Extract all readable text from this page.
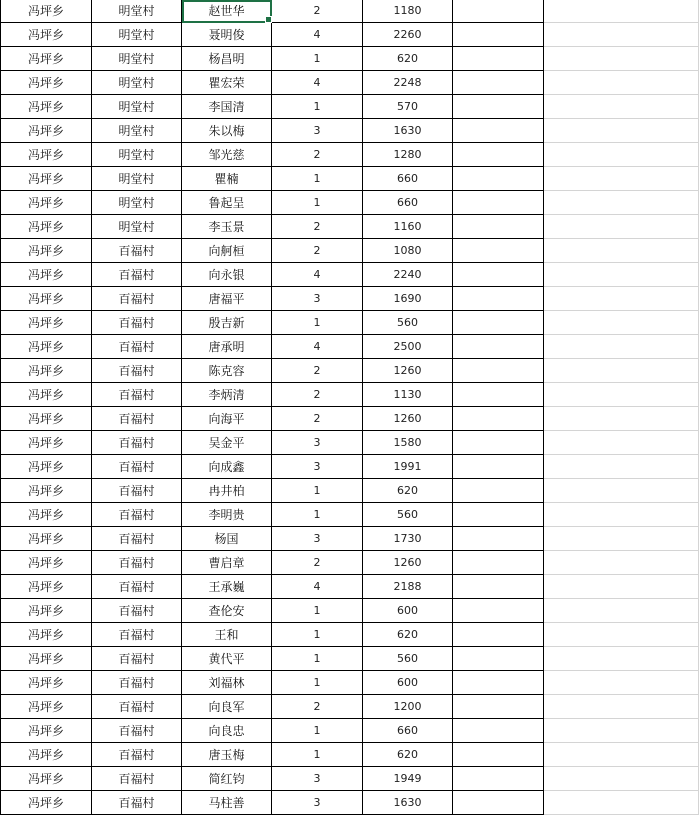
冯坪乡	明堂村	赵世华	2	1180		
冯坪乡	明堂村	聂明俊	4	2260		
冯坪乡	明堂村	杨昌明	1	620		
冯坪乡	明堂村	瞿宏荣	4	2248		
冯坪乡	明堂村	李国清	1	570		
冯坪乡	明堂村	朱以梅	3	1630		
冯坪乡	明堂村	邹光慈	2	1280		
冯坪乡	明堂村	瞿楠	1	660		
冯坪乡	明堂村	鲁起呈	1	660		
冯坪乡	明堂村	李玉景	2	1160		
冯坪乡	百福村	向舸桓	2	1080		
冯坪乡	百福村	向永银	4	2240		
冯坪乡	百福村	唐福平	3	1690		
冯坪乡	百福村	殷吉新	1	560		
冯坪乡	百福村	唐承明	4	2500		
冯坪乡	百福村	陈克容	2	1260		
冯坪乡	百福村	李炳清	2	1130		
冯坪乡	百福村	向海平	2	1260		
冯坪乡	百福村	吴金平	3	1580		
冯坪乡	百福村	向成鑫	3	1991		
冯坪乡	百福村	冉井柏	1	620		
冯坪乡	百福村	李明贵	1	560		
冯坪乡	百福村	杨国	3	1730		
冯坪乡	百福村	曹启章	2	1260		
冯坪乡	百福村	王承巍	4	2188		
冯坪乡	百福村	查伦安	1	600		
冯坪乡	百福村	王和	1	620		
冯坪乡	百福村	黄代平	1	560		
冯坪乡	百福村	刘福林	1	600		
冯坪乡	百福村	向良军	2	1200		
冯坪乡	百福村	向良忠	1	660		
冯坪乡	百福村	唐玉梅	1	620		
冯坪乡	百福村	简红钧	3	1949		
冯坪乡	百福村	马柱善	3	1630		
